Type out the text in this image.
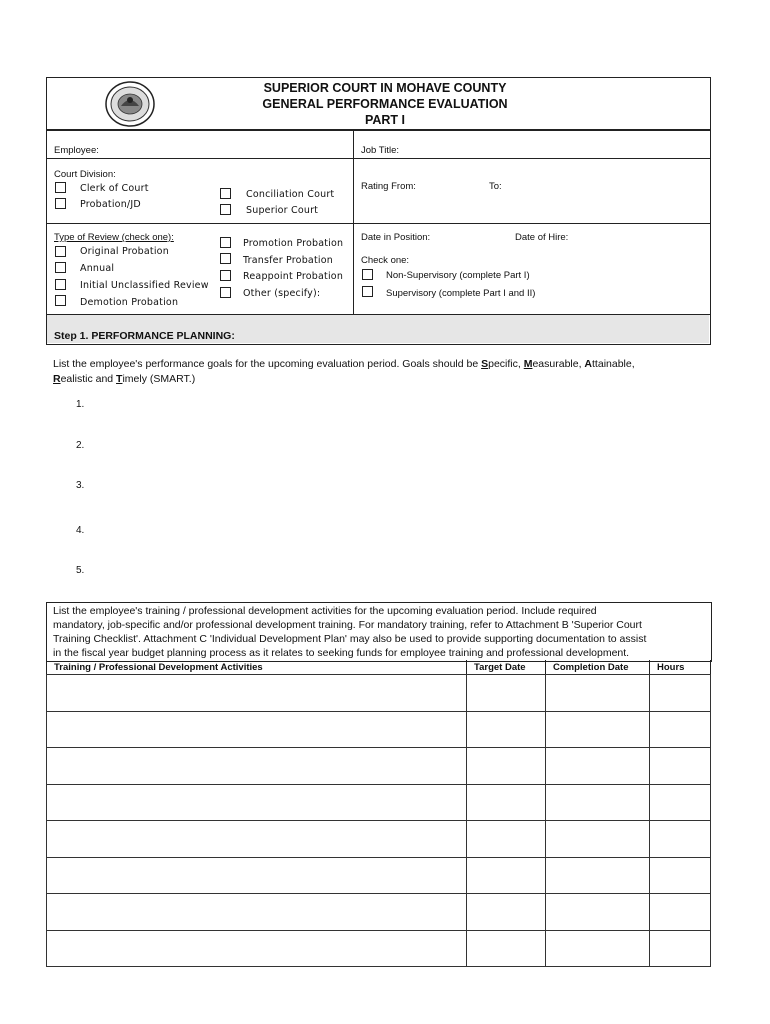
SUPERIOR COURT IN MOHAVE COUNTY
GENERAL PERFORMANCE EVALUATION
PART I
Employee:	Job Title:
Court Division:
Clerk of Court
Probation/JD
Conciliation Court
Superior Court
Rating From:	To:
Type of Review (check one):
Original Probation
Annual
Initial Unclassified Review
Demotion Probation
Promotion Probation
Transfer Probation
Reappoint Probation
Other (specify):
Date in Position:	Date of Hire:
Check one:
Non-Supervisory (complete Part I)
Supervisory (complete Part I and II)
Step 1. PERFORMANCE PLANNING:
List the employee's performance goals for the upcoming evaluation period. Goals should be Specific, Measurable, Attainable,
Realistic and Timely (SMART.)
1.
2.
3.
4.
5.
List the employee's training / professional development activities for the upcoming evaluation period. Include required
mandatory, job-specific and/or professional development training. For mandatory training, refer to Attachment B 'Superior Court
Training Checklist'. Attachment C 'Individual Development Plan' may also be used to provide supporting documentation to assist
in the fiscal year budget planning process as it relates to seeking funds for employee training and professional development.
Training / Professional Development Activities	Target Date	Completion Date	Hours
